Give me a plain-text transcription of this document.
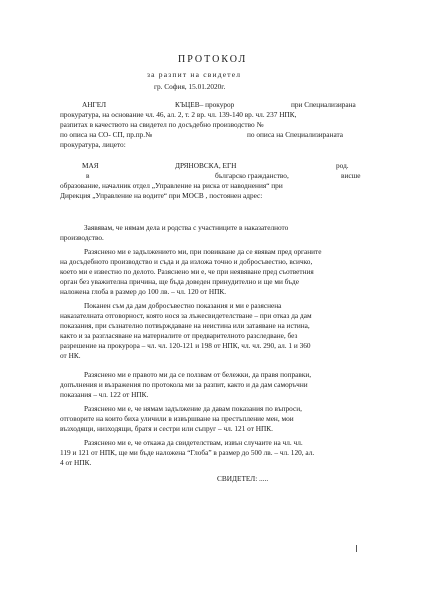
ПРОТОКОЛ
за разпит на свидетел
гр. София, 15.01.2020г.
АНГЕЛ	КЪЦЕВ– прокурор	при Специализирана
прокуратура, на основание чл. 46, ал. 2, т. 2 вр. чл. 139-140 вр. чл. 237 НПК,
разпитах в качеството на свидетел по досъдебно производство №
по описа на СО- СП, пр.пр.№	по описа на Специализираната
прокуратура, лицето:
МАЯ	ДРЯНОВСКА, ЕГН	род.
в	българско гражданство,	висше
образование, началник отдел „Управление на риска от наводнения“ при
Дирекция „Управление на водите“ при МОСВ , постоянен адрес:
Заявявам, че нямам дела и родства с участниците в наказателното
производство.
Разяснено ми е задължението ми, при повикване да се явявам пред органите
на досъдебното производство и съда и да изложа точно и добросъвестно, всичко,
което ми е известно по делото. Разяснено ми е, че при неявяване пред съответния
орган без уважителна причина, ще бъда доведен принудително и ще ми бъде
наложена глоба в размер до 100 лв. – чл. 120 от НПК.
Поканен съм да дам добросъвестно показания и ми е разяснена
наказателната отговорност, която нося за лъжесвидетелстване – при отказ да дам
показания, при съзнателно потвърждаване на неистина или затаяване на истина,
както и за разгласяване на материалите от предварителното разследване, без
разрешение на прокурора – чл. чл. 120-121 и 198 от НПК, чл. чл. 290, ал. 1 и 360
от НК.
Разяснено ми е правото ми да се ползвам от бележки, да правя поправки,
допълнения и възражения по протокола ми за разпит, както и да дам саморъчни
показания – чл. 122 от НПК.
Разяснено ми е, че нямам задължение да давам показания по въпроси,
отговорите на които биха уличили в извършване на престъпление мен, мои
възходящи, низходящи, братя и сестри или съпруг – чл. 121 от НПК.
Разяснено ми е, че откажа да свидетелствам, извън случаите на чл. чл.
119 и 121 от НПК, ще ми бъде наложена “Глоба” в размер до 500 лв. – чл. 120, ал.
4 от НПК.
СВИДЕТЕЛ: .....
